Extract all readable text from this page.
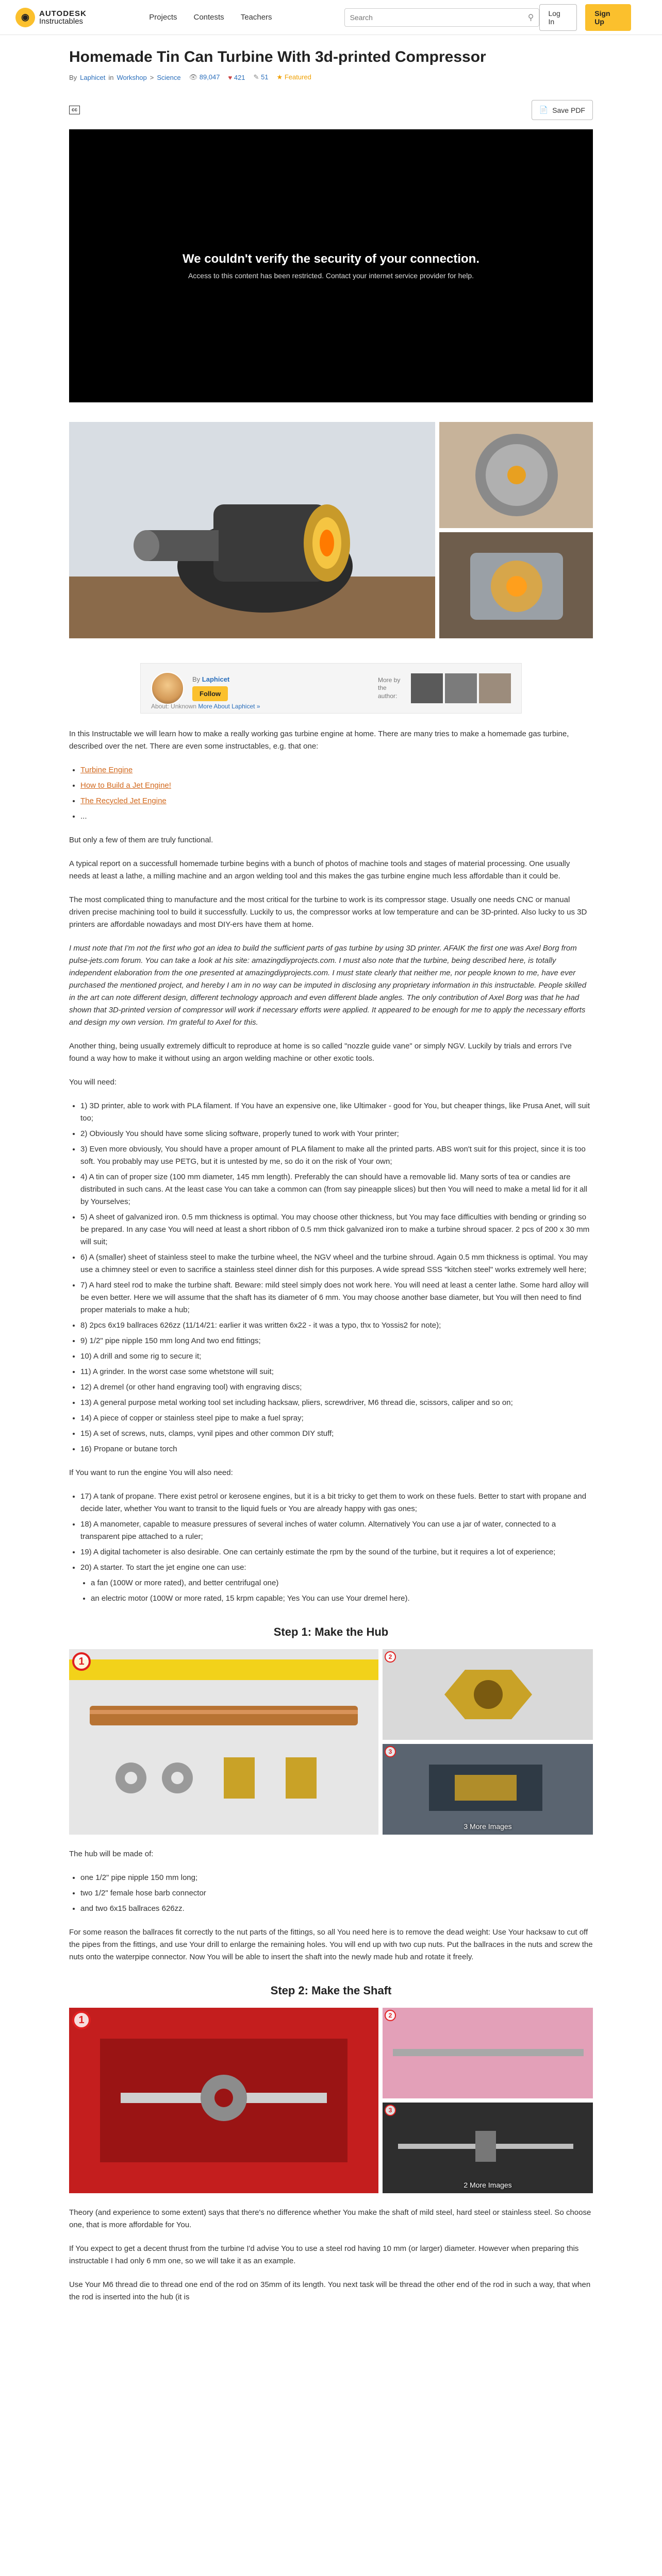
◉	AUTODESK
Instructables	Projects Contests Teachers
Search	⚲	Log In
Sign Up
Homemade Tin Can Turbine With 3d-printed Compressor
By Laphicet in Workshop > Science 👁 89,047 ♥ 421 ✎ 51 ★ Featured
cc	📄 Save PDF
We couldn't verify the security of your connection.

Access to this content has been restricted. Contact your internet service provider for help.

By Laphicet
Follow
More by the author:
About: Unknown More About Laphicet »

In this Instructable we will learn how to make a really working gas turbine engine at home. There are many tries to make a homemade gas turbine, described over the net. There are even some instructables, e.g. that one:

• Turbine Engine
• How to Build a Jet Engine!
• The Recycled Jet Engine
• ...

But only a few of them are truly functional.

A typical report on a successfull homemade turbine begins with a bunch of photos of machine tools and stages of material processing. One usually needs at least a lathe, a milling machine and an argon welding tool and this makes the gas turbine engine much less affordable than it could be.

The most complicated thing to manufacture and the most critical for the turbine to work is its compressor stage. Usually one needs CNC or manual driven precise machining tool to build it successfully. Luckily to us, the compressor works at low temperature and can be 3D-printed. Also lucky to us 3D printers are affordable nowadays and most DIY-ers have them at home.

I must note that I'm not the first who got an idea to build the sufficient parts of gas turbine by using 3D printer. AFAIK the first one was Axel Borg from pulse-jets.com forum. You can take a look at his site: amazingdiyprojects.com. I must also note that the turbine, being described here, is totally independent elaboration from the one presented at amazingdiyprojects.com. I must state clearly that neither me, nor people known to me, have ever purchased the mentioned project, and hereby I am in no way can be imputed in disclosing any proprietary information in this instructable. People skilled in the art can note different design, different technology approach and even different blade angles. The only contribution of Axel Borg was that he had shown that 3D-printed version of compressor will work if necessary efforts were applied. It appeared to be enough for me to apply the necessary efforts and design my own version. I'm grateful to Axel for this.

Another thing, being usually extremely difficult to reproduce at home is so called "nozzle guide vane" or simply NGV. Luckily by trials and errors I've found a way how to make it without using an argon welding machine or other exotic tools.

You will need:

• 1) 3D printer, able to work with PLA filament. If You have an expensive one, like Ultimaker - good for You, but cheaper things, like Prusa Anet, will suit too;
• 2) Obviously You should have some slicing software, properly tuned to work with Your printer;
• 3) Even more obviously, You should have a proper amount of PLA filament to make all the printed parts. ABS won't suit for this project, since it is too soft. You probably may use PETG, but it is untested by me, so do it on the risk of Your own;
• 4) A tin can of proper size (100 mm diameter, 145 mm length). Preferably the can should have a removable lid. Many sorts of tea or candies are distributed in such cans. At the least case You can take a common can (from say pineapple slices) but then You will need to make a metal lid for it all by Yourselves;
• 5) A sheet of galvanized iron. 0.5 mm thickness is optimal. You may choose other thickness, but You may face difficulties with bending or grinding so be prepared. In any case You will need at least a short ribbon of 0.5 mm thick galvanized iron to make a turbine shroud spacer. 2 pcs of 200 x 30 mm will suit;
• 6) A (smaller) sheet of stainless steel to make the turbine wheel, the NGV wheel and the turbine shroud. Again 0.5 mm thickness is optimal. You may use a chimney steel or even to sacrifice a stainless steel dinner dish for this purposes. A wide spread SSS "kitchen steel" works extremely well here;
• 7) A hard steel rod to make the turbine shaft. Beware: mild steel simply does not work here. You will need at least a center lathe. Some hard alloy will be even better. Here we will assume that the shaft has its diameter of 6 mm. You may choose another base diameter, but You will then need to find proper materials to make a hub;
• 8) 2pcs 6x19 ballraces 626zz (11/14/21: earlier it was written 6x22 - it was a typo, thx to Yossis2 for note);
• 9) 1/2" pipe nipple 150 mm long And two end fittings;
• 10) A drill and some rig to secure it;
• 11) A grinder. In the worst case some whetstone will suit;
• 12) A dremel (or other hand engraving tool) with engraving discs;
• 13) A general purpose metal working tool set including hacksaw, pliers, screwdriver, M6 thread die, scissors, caliper and so on;
• 14) A piece of copper or stainless steel pipe to make a fuel spray;
• 15) A set of screws, nuts, clamps, vynil pipes and other common DIY stuff;
• 16) Propane or butane torch

If You want to run the engine You will also need:

• 17) A tank of propane. There exist petrol or kerosene engines, but it is a bit tricky to get them to work on these fuels. Better to start with propane and decide later, whether You want to transit to the liquid fuels or You are already happy with gas ones;
• 18) A manometer, capable to measure pressures of several inches of water column. Alternatively You can use a jar of water, connected to a transparent pipe attached to a ruler;
• 19) A digital tachometer is also desirable. One can certainly estimate the rpm by the sound of the turbine, but it requires a lot of experience;
• 20) A starter. To start the jet engine one can use:
• a fan (100W or more rated), and better centrifugal one)
• an electric motor (100W or more rated, 15 krpm capable; Yes You can use Your dremel here).
Step 1: Make the Hub
1	2
3
3 More Images

The hub will be made of:

• one 1/2" pipe nipple 150 mm long;
• two 1/2" female hose barb connector
• and two 6x15 ballraces 626zz.

For some reason the ballraces fit correctly to the nut parts of the fittings, so all You need here is to remove the dead weight: Use Your hacksaw to cut off the pipes from the fittings, and use Your drill to enlarge the remaining holes. You will end up with two cup nuts. Put the ballraces in the nuts and screw the nuts onto the waterpipe connector. Now You will be able to insert the shaft into the newly made hub and rotate it freely.

Step 2: Make the Shaft
1	2
3
2 More Images

Theory (and experience to some extent) says that there's no difference whether You make the shaft of mild steel, hard steel or stainless steel. So choose one, that is more affordable for You.

If You expect to get a decent thrust from the turbine I'd advise You to use a steel rod having 10 mm (or larger) diameter. However when preparing this instructable I had only 6 mm one, so we will take it as an example.

Use Your M6 thread die to thread one end of the rod on 35mm of its length. You next task will be thread the other end of the rod in such a way, that when the rod is inserted into the hub (it is
